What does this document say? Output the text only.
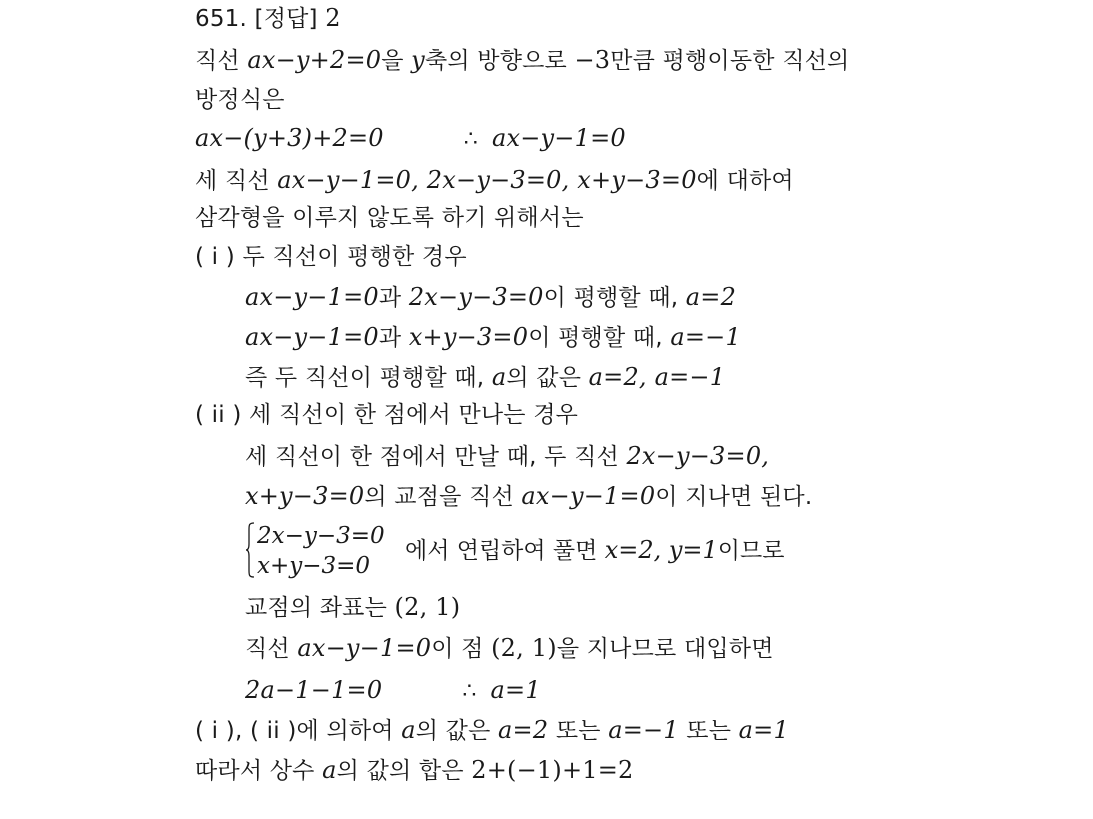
651. [정답] 2
직선 ax−y+2=0을 y축의 방향으로 −3만큼 평행이동한 직선의
방정식은
ax−(y+3)+2=0	∴ ax−y−1=0
세 직선 ax−y−1=0, 2x−y−3=0, x+y−3=0에 대하여
삼각형을 이루지 않도록 하기 위해서는
( i ) 두 직선이 평행한 경우
ax−y−1=0과 2x−y−3=0이 평행할 때, a=2
ax−y−1=0과 x+y−3=0이 평행할 때, a=−1
즉 두 직선이 평행할 때, a의 값은 a=2, a=−1
( ii ) 세 직선이 한 점에서 만나는 경우
세 직선이 한 점에서 만날 때, 두 직선 2x−y−3=0,
x+y−3=0의 교점을 직선 ax−y−1=0이 지나면 된다.
2x−y−3=0
x+y−3=0
에서 연립하여 풀면 x=2, y=1이므로
교점의 좌표는 (2, 1)
직선 ax−y−1=0이 점 (2, 1)을 지나므로 대입하면
2a−1−1=0	∴ a=1
( i ), ( ii )에 의하여 a의 값은 a=2 또는 a=−1 또는 a=1
따라서 상수 a의 값의 합은 2+(−1)+1=2
